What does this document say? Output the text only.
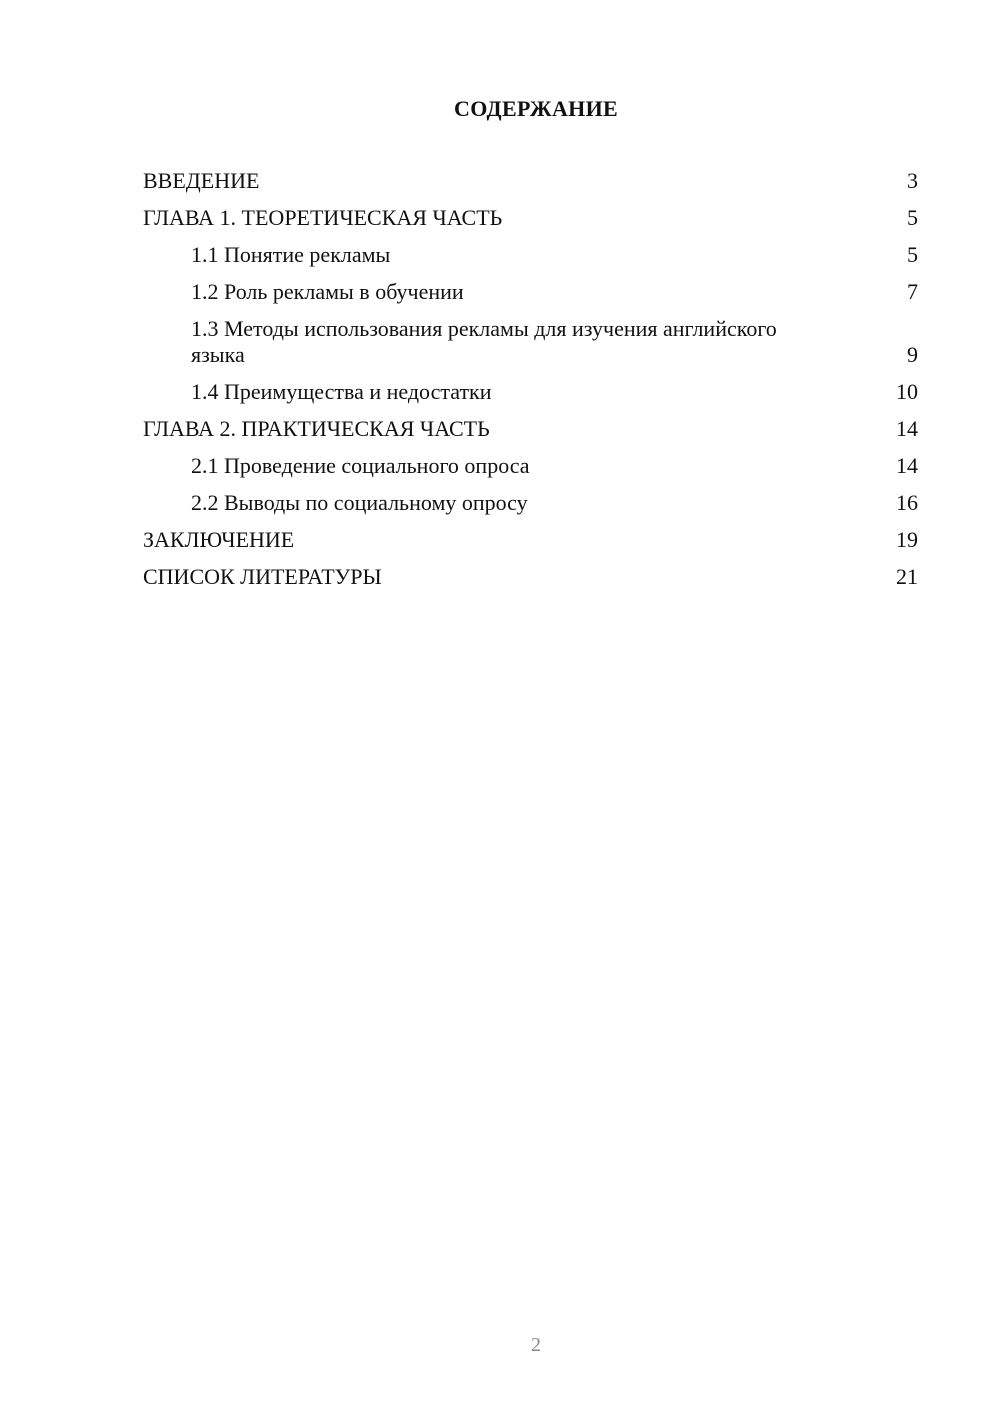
СОДЕРЖАНИЕ
ВВЕДЕНИЕ	3
ГЛАВА 1. ТЕОРЕТИЧЕСКАЯ ЧАСТЬ	5
1.1 Понятие рекламы	5
1.2 Роль рекламы в обучении	7
1.3 Методы использования рекламы для изучения английского языка	9
1.4 Преимущества и недостатки	10
ГЛАВА 2. ПРАКТИЧЕСКАЯ ЧАСТЬ	14
2.1 Проведение социального опроса	14
2.2 Выводы по социальному опросу	16
ЗАКЛЮЧЕНИЕ	19
СПИСОК ЛИТЕРАТУРЫ	21
2
